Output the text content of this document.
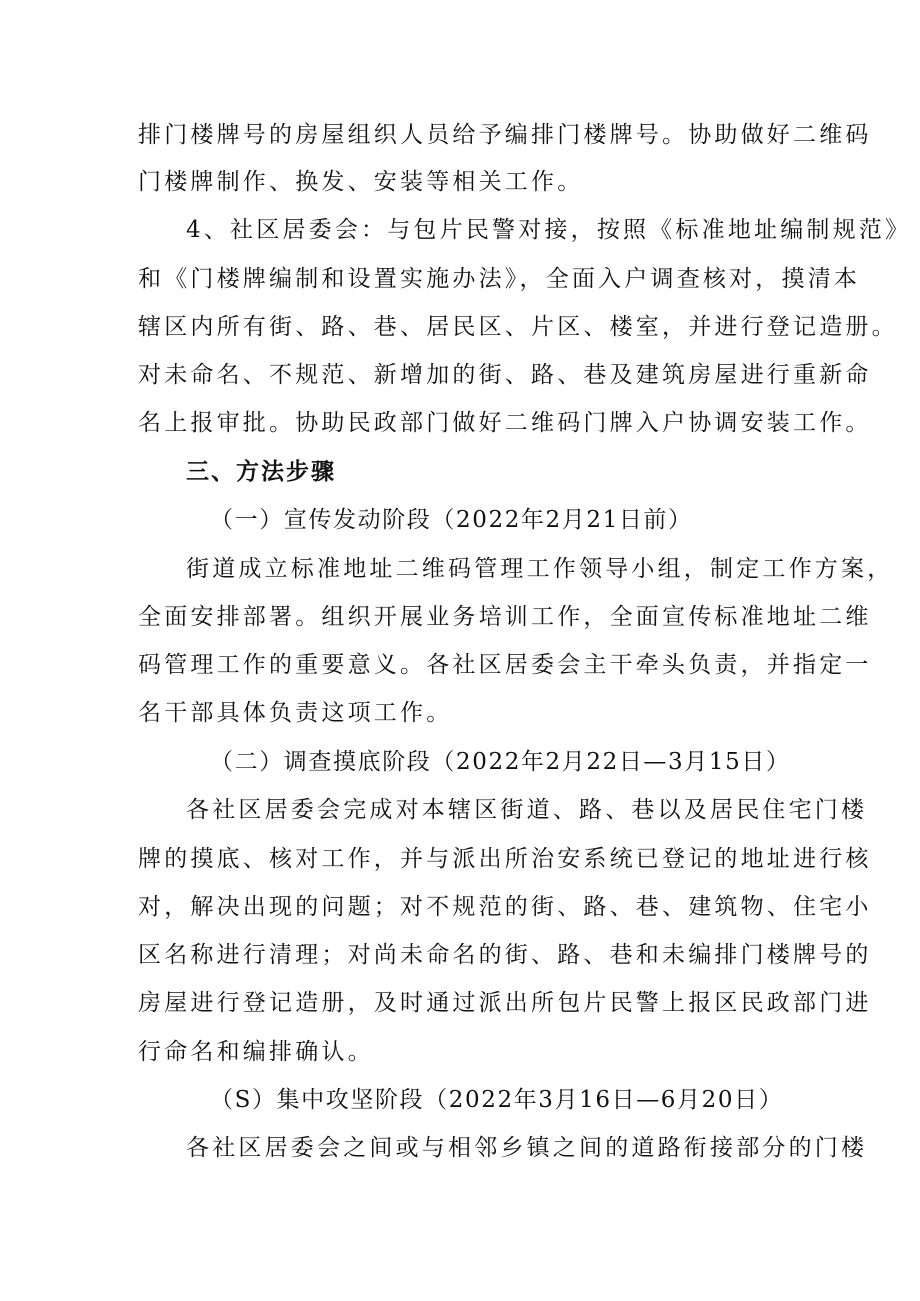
排门楼牌号的房屋组织人员给予编排门楼牌号。协助做好二维码
门楼牌制作、换发、安装等相关工作。
4、社区居委会：与包片民警对接，按照《标准地址编制规范》
和《门楼牌编制和设置实施办法》，全面入户调查核对，摸清本
辖区内所有街、路、巷、居民区、片区、楼室，并进行登记造册。
对未命名、不规范、新增加的街、路、巷及建筑房屋进行重新命
名上报审批。协助民政部门做好二维码门牌入户协调安装工作。
三、方法步骤
（一）宣传发动阶段（2022年2月21日前）
街道成立标准地址二维码管理工作领导小组，制定工作方案，
全面安排部署。组织开展业务培训工作，全面宣传标准地址二维
码管理工作的重要意义。各社区居委会主干牵头负责，并指定一
名干部具体负责这项工作。
（二）调查摸底阶段（2022年2月22日—3月15日）
各社区居委会完成对本辖区街道、路、巷以及居民住宅门楼
牌的摸底、核对工作，并与派出所治安系统已登记的地址进行核
对，解决出现的问题；对不规范的街、路、巷、建筑物、住宅小
区名称进行清理；对尚未命名的街、路、巷和未编排门楼牌号的
房屋进行登记造册，及时通过派出所包片民警上报区民政部门进
行命名和编排确认。
（S）集中攻坚阶段（2022年3月16日—6月20日）
各社区居委会之间或与相邻乡镇之间的道路衔接部分的门楼
